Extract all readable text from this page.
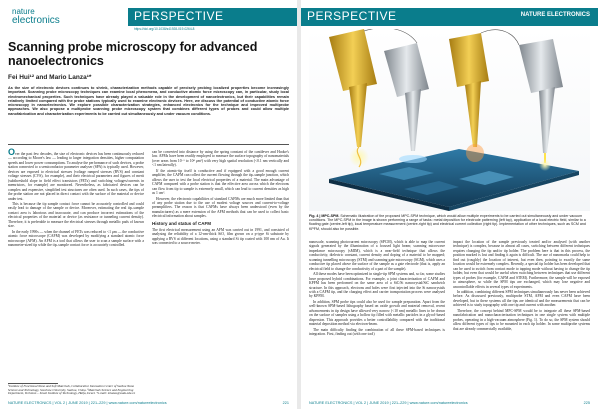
nature
electronics	PERSPECTIVE
https://doi.org/10.1038/s41928-019-0264-8
Scanning probe microscopy for advanced nanoelectronics
Fei Hui¹² and Mario Lanza¹*

As the size of electronic devices continues to shrink, characterization methods capable of precisely probing localized properties become increasingly important. Scanning probe microscopy techniques can examine local phenomena, and conductive atomic force microscopy can, in particular, study local electromechanical properties. Such techniques have already played a valuable role in the development of nanoelectronics, but their capabilities remain relatively limited compared with the probe stations typically used to examine electronic devices. Here, we discuss the potential of conductive atomic force microscopy in nanoelectronics. We explore possible characterization strategies, enhanced electronics for the technique and improved multiprobe approaches. We also propose a multiprobe scanning probe microscopy system that combines different types of probes and could allow multiple nanofabrication and characterization experiments to be carried out simultaneously and under vacuum conditions.

Over the past few decades, the size of electronic devices has been continuously reduced — according to Moore's law — leading to larger integration densities, higher computation speeds and lower power consumptions. To analyse the performance of such devices, a probe station connected to a semiconductor parameter analyser (SPA) is typically used. However, devices are exposed to electrical stresses (voltage ramped stresses (RVS) and constant voltage stresses (CVS), for example), and their electrical parameters and figures of merit (subthreshold slope in field effect transistors (FETs) and switching voltages/currents in memristors, for example) are monitored. Nevertheless, as fabricated devices can be complex and expensive, simplified test structures are often used. In such cases, the tips of the probe station are not placed in direct contact with the surface of the material or device under test.

This is because the tip sample contact force cannot be accurately controlled and could easily lead to damage of the sample or device. Moreover, estimating the real tip–sample contact area is laborious and inaccurate, and can produce incorrect estimations of the electrical properties of the material or device (as resistance or tunneling current density). Therefore, it is preferable to measure the electrical stresses through metallic pads of known size.

In the early 1990s — when the channel of FETs was reduced to <1 μm — the conductive atomic force microscope (CAFM) was developed by modifying a standard atomic force microscope (AFM). An AFM is a tool that allows the user to scan a sample surface with a nanometre-sized tip while the tip–sample contact force is accurately controlled.

can be converted into distance by using the spring constant of the cantilever and Hooke's law. AFMs have been readily employed to measure the surface topography of nanomaterials (over areas from 10⁻¹ to 10⁴ μm²) with very high spatial resolution (<0.1 nm vertically and <1 nm laterally).

If the atomic-tip itself is conductive and if equipped with a good enough current amplifier, the CAFM can collect the current flowing through the tip–sample junction, which allows the user to test the local electrical properties of a material. The main advantage of CAFM compared with a probe station is that the effective area across which the electrons can flow from tip to sample is extremely small, which can lead to current densities as high as 1 cm².

However, the electronic capabilities of standard CAFMs are much more limited than that of any probe station due to the use of modest voltage sources and current-to-voltage preamplifiers. The reason is that CAFMs have always been understood (even by the manufacturers) as a mere extension of the AFM methods that can be used to collect basic electrical information about samples.

History and status of CAFM

The first electrical measurement using an AFM was carried out in 1991, and consisted of analysing the reliability of a 12-nm-thick SiO₂ film grown on a p-type Si substrate by applying a RVS at different locations, using a standard Si tip coated with 100 nm of Au. It was connected to a source meter.

¹Institute of Functional Nano and Soft Materials, Collaborative Innovation Center of Suzhou Nano Science and Technology, Soochow University, Suzhou, China. ²Materials Science and Engineering Department, Technion – Israel Institute of Technology, Haifa, Israel. *e-mail: mlanza@suda.edu.cn
NATURE ELECTRONICS | VOL 2 | JUNE 2019 | 221–229 | www.nature.com/natureelectronics	221
PERSPECTIVE	NATURE ELECTRONICS

Fig. 4 | MPC-SPM. Schematic illustration of the proposed MPC-SPM technique, which would allow multiple experiments to be carried out simultaneously and under vacuum conditions. The MPC-SPM in the image is shown performing a range of tasks: metal deposition for electrode patterning (left top), application of a local electric field, similar to a floating gate (centre-left tip), local temperature measurement (centre-right tip) and electrical current collection (right tip). Implementation of other techniques, such as SCM and KPFM, should also be possible.

nanoscale, scanning photocurrent microscopy (SPCM), which is able to map the current signals generated by the illumination of a focused light beam; scanning microwave impedance microscopy (sMIM), which is a near-field technique that allows the conductivity, dielectric constant, current density and doping of a material to be mapped; scanning tunnelling microscopy (STM) and scanning gate microscopy (SGM), which uses a conductive tip placed above the surface of the sample as a gate electrode (that is, apply an electrical field to change the conductivity of a part of the sample).

All these modes have been optimized in single-tip SPM systems and, so far, some studies have proposed hybrid combinations. For example, a joint characterization of CAFM and KPFM has been performed on the same area of a SiC/Si nanocrystal/SiC sandwich structure. In this approach, electrons and holes were first injected into the Si nanocrystals with a CAFM tip, and the charging effect and carrier transportation process were analysed by KPFM.

In addition, SPM probe tips could also be used for sample preparation. Apart from the well-known SPM-based lithography based on oxide growth and material removal, recent advancements in tip design have allowed very narrow (<10 nm) metallic lines to be drawn on the surface of samples using a hollow tip filled with metallic particles in a glycol-based dispersion. This approach provides a better controllability compared with the traditional material deposition method via electron-beam.

The main difficulty finding the combination of all these SPM-based techniques is integration. First, finding out (with one tool)

impact the location of the sample previously treated and/or analysed (with another technique) is complex, because in almost all cases, switching between different techniques requires changing the tip and/or tip holder. The problem here is that in this process, the position marked is lost and finding it again is difficult. The use of nanomarks could help to find out (roughly) the location of interest, but even then, pointing to exactly the same location would be extremely complex. Recently, a special tip holder has been developed that can be used to switch from contact mode to tapping mode without having to change the tip holder, but even that would be useful when switching between techniques that use different types of probes (for example, CAFM and STEM). Furthermore, the sample will be exposed to atmosphere, so while the SPM tips are exchanged, which may lose negative and uncontrollable effects in several types of experiments.

In addition, combining different SPM techniques simultaneously has never been achieved before. As discussed previously, multiprobe STM, AFM and even CAFM have been developed, but in these systems all the tips are identical and the measurements that can be achieved is to study topography with one tip and current with another.

Therefore, the concept behind MPC-SPM would be to integrate all these SPM-based nanofabrication and nanocharacterization techniques in one single system with multiple probes, operating in a high-vacuum atmosphere (Fig. 1). To do so, the SPM system should allow different types of tips to be mounted in each tip holder. In some multiprobe systems that are already commercially available,

NATURE ELECTRONICS | VOL 2 | JUNE 2019 | 221–229 | www.nature.com/natureelectronics	225
